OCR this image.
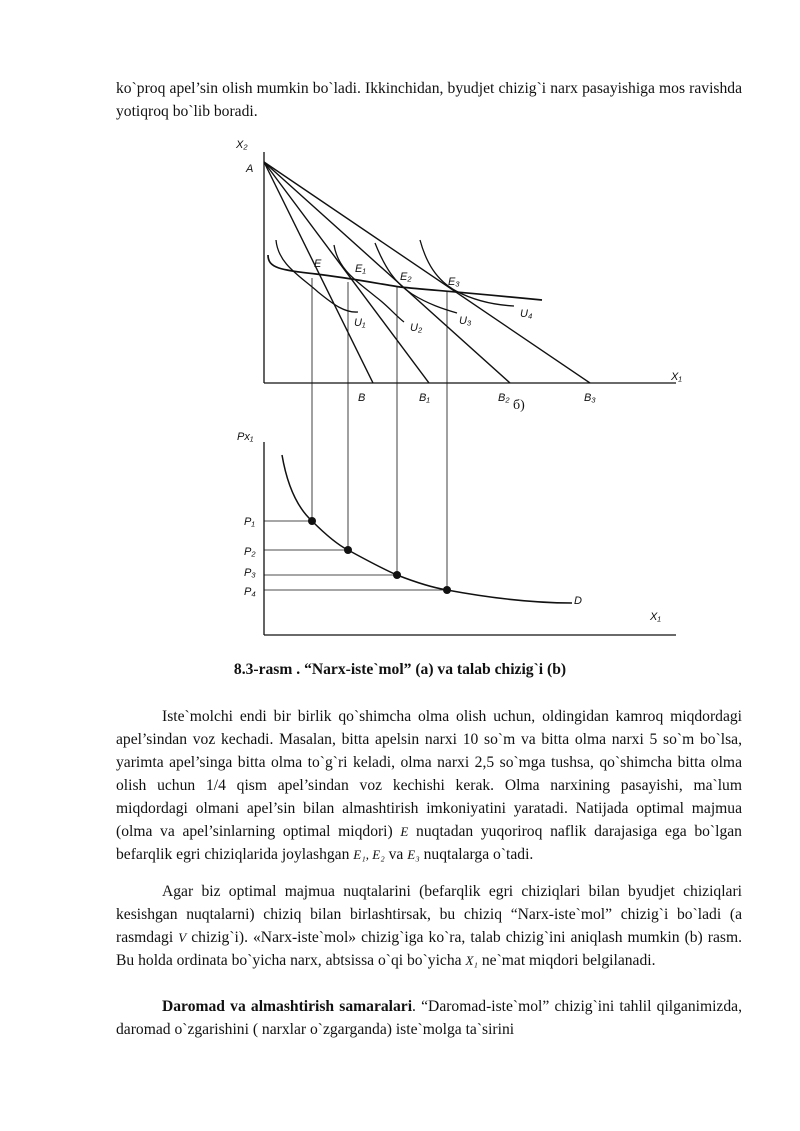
ko`proq apel’sin olish mumkin bo`ladi. Ikkinchidan, byudjet chizig`i narx pasayishiga mos ravishda yotiqroq bo`lib boradi.

X₂
A
X₁
E	E₁
E₂	E₃
U₁	U₂
U₃
U₄
B	B₁	B₂ б)	B₃
Px₁
X₁
P₁
P₂
P₃
P₄
D
8.3-rasm . “Narx-iste`mol” (a) va talab chizig`i (b)

Iste`molchi endi bir birlik qo`shimcha olma olish uchun, oldingidan kamroq miqdordagi apel’sindan voz kechadi. Masalan, bitta apelsin narxi 10 so`m va bitta olma narxi 5 so`m bo`lsa, yarimta apel’singa bitta olma to`g`ri keladi, olma narxi 2,5 so`mga tushsa, qo`shimcha bitta olma olish uchun 1/4 qism apel’sindan voz kechishi kerak. Olma narxining pasayishi, ma`lum miqdordagi olmani apel’sin bilan almashtirish imkoniyatini yaratadi. Natijada optimal majmua (olma va apel’sinlarning optimal miqdori) E nuqtadan yuqoriroq naflik darajasiga ega bo`lgan befarqlik egri chiziqlarida joylashgan E₁, E₂ va E₃ nuqtalarga o`tadi.

Agar biz optimal majmua nuqtalarini (befarqlik egri chiziqlari bilan byudjet chiziqlari kesishgan nuqtalarni) chiziq bilan birlashtirsak, bu chiziq “Narx-iste`mol” chizig`i bo`ladi (a rasmdagi V chizig`i). «Narx-iste`mol» chizig`iga ko`ra, talab chizig`ini aniqlash mumkin (b) rasm. Bu holda ordinata bo`yicha narx, abtsissa o`qi bo`yicha X₁ ne`mat miqdori belgilanadi.

Daromad va almashtirish samaralari. “Daromad-iste`mol” chizig`ini tahlil qilganimizda, daromad o`zgarishini ( narxlar o`zgarganda) iste`molga ta`sirini
